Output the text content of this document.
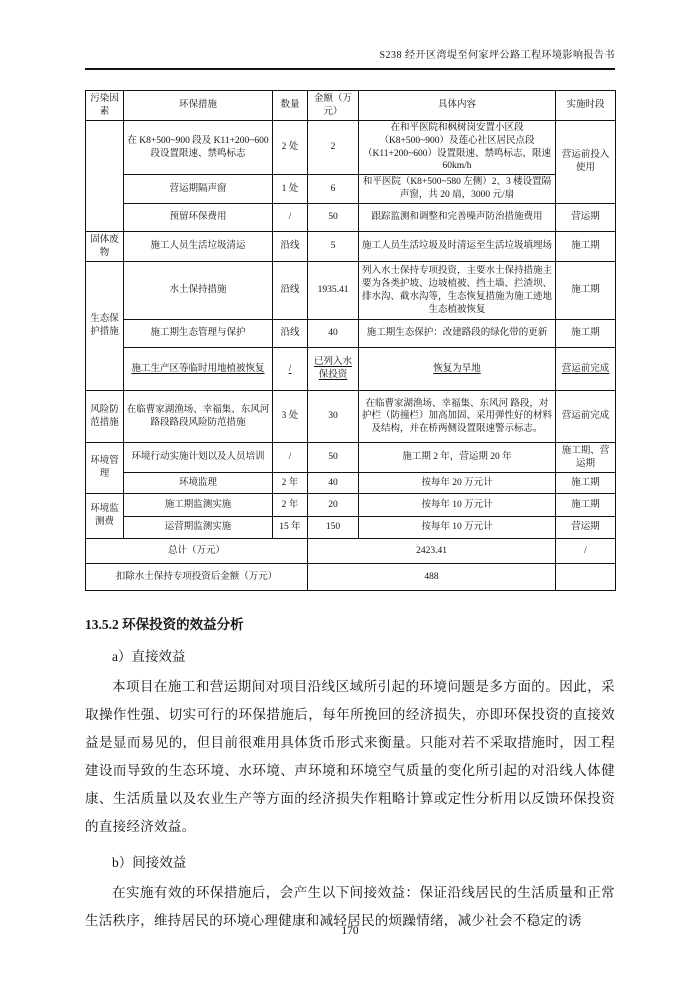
S238 经开区湾堤至何家坪公路工程环境影响报告书
污染因素	环保措施	数量	金额（万元）	具体内容	实施时段
	在 K8+500~900 段及 K11+200~600 段设置限速、禁鸣标志	2 处	2	在和平医院和枫树岗安置小区段（K8+500~900）及莲心社区居民点段（K11+200~600）设置限速、禁鸣标志，限速 60km/h	营运前投入使用
	营运期隔声窗	1 处	6	和平医院（K8+500~580 左侧）2、3 楼设置隔声窗，共 20 扇，3000 元/扇	
	预留环保费用	/	50	跟踪监测和调整和完善噪声防治措施费用	营运期
固体废物	施工人员生活垃圾清运	沿线	5	施工人员生活垃圾及时清运至生活垃圾填埋场	施工期
生态保护措施	水土保持措施	沿线	1935.41	列入水土保持专项投资，主要水土保持措施主要为各类护坡、边坡植被、挡土墙、拦渣坝、排水沟、截水沟等，生态恢复措施为施工迹地生态植被恢复	施工期
	施工期生态管理与保护	沿线	40	施工期生态保护：改建路段的绿化带的更新	施工期
	施工生产区等临时用地植被恢复	/	已列入水保投资	恢复为旱地	营运前完成
风险防范措施	在临曹家湖渔场、幸福集、东风河路段路段风险防范措施	3 处	30	在临曹家湖渔场、幸福集、东风河 路段，对护栏（防撞栏）加高加固、采用弹性好的材料及结构，并在桥两侧设置限速警示标志。	营运前完成
环境管理	环境行动实施计划以及人员培训	/	50	施工期 2 年，营运期 20 年	施工期、营运期
	环境监理	2 年	40	按每年 20 万元计	施工期
环境监测费	施工期监测实施	2 年	20	按每年 10 万元计	施工期
	运营期监测实施	15 年	150	按每年 10 万元计	营运期
总计（万元）			2423.41		/
扣除水土保持专项投资后金额（万元）			488		
13.5.2 环保投资的效益分析
a）直接效益

本项目在施工和营运期间对项目沿线区域所引起的环境问题是多方面的。因此，采取操作性强、切实可行的环保措施后，每年所挽回的经济损失，亦即环保投资的直接效益是显而易见的，但目前很难用具体货币形式来衡量。只能对若不采取措施时，因工程建设而导致的生态环境、水环境、声环境和环境空气质量的变化所引起的对沿线人体健康、生活质量以及农业生产等方面的经济损失作粗略计算或定性分析用以反馈环保投资的直接经济效益。

b）间接效益

在实施有效的环保措施后，会产生以下间接效益：保证沿线居民的生活质量和正常生活秩序，维持居民的环境心理健康和减轻居民的烦躁情绪，减少社会不稳定的诱

170
